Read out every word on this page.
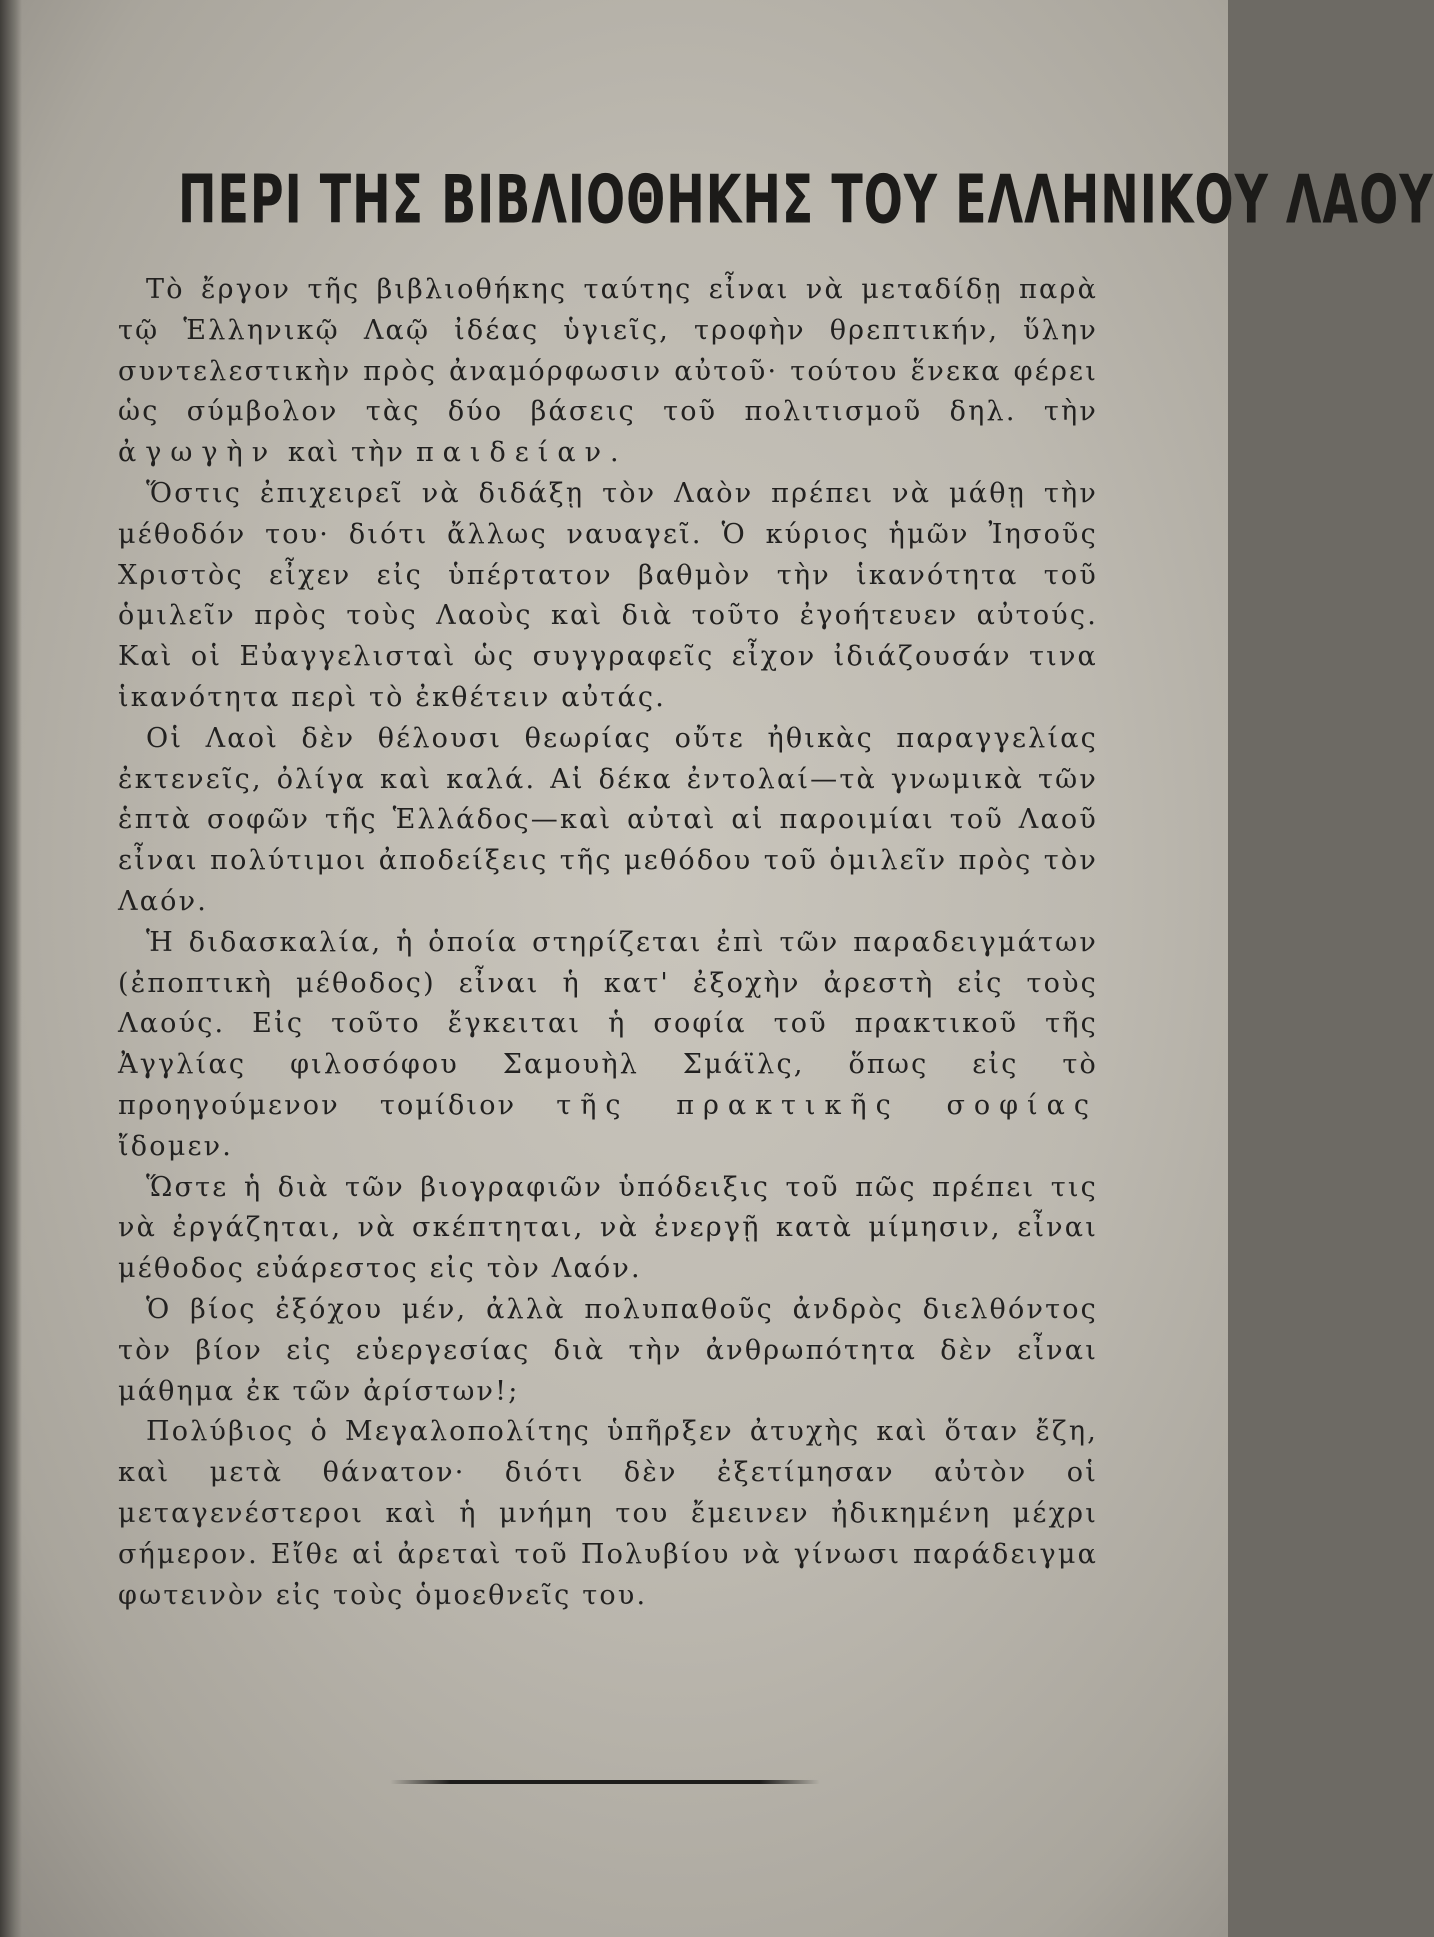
ΠΕΡΙ ΤΗΣ ΒΙΒΛΙΟΘΗΚΗΣ ΤΟΥ ΕΛΛΗΝΙΚΟΥ ΛΑΟΥ

Τὸ ἔργον τῆς βιβλιοθήκης ταύτης εἶναι νὰ μεταδίδῃ παρὰ τῷ Ἑλληνικῷ Λαῷ ἰδέας ὑγιεῖς, τροφὴν θρεπτικήν, ὕλην συντελεστικὴν πρὸς ἀναμόρφωσιν αὐτοῦ· τούτου ἕνεκα φέρει ὡς σύμβολον τὰς δύο βάσεις τοῦ πολιτισμοῦ δηλ. τὴν ἀγωγὴν καὶ τὴν παιδείαν.

Ὅστις ἐπιχειρεῖ νὰ διδάξῃ τὸν Λαὸν πρέπει νὰ μάθῃ τὴν μέθοδόν του· διότι ἄλλως ναυαγεῖ. Ὁ κύριος ἡμῶν Ἰησοῦς Χριστὸς εἶχεν εἰς ὑπέρτατον βαθμὸν τὴν ἱκανότητα τοῦ ὁμιλεῖν πρὸς τοὺς Λαοὺς καὶ διὰ τοῦτο ἐγοήτευεν αὐτούς. Καὶ οἱ Εὐαγγελισταὶ ὡς συγγραφεῖς εἶχον ἰδιάζουσάν τινα ἱκανότητα περὶ τὸ ἐκθέτειν αὐτάς.

Οἱ Λαοὶ δὲν θέλουσι θεωρίας οὔτε ἠθικὰς παραγγελίας ἐκτενεῖς, ὀλίγα καὶ καλά. Αἱ δέκα ἐντολαί—τὰ γνωμικὰ τῶν ἑπτὰ σοφῶν τῆς Ἑλλάδος—καὶ αὐταὶ αἱ παροιμίαι τοῦ Λαοῦ εἶναι πολύτιμοι ἀποδείξεις τῆς μεθόδου τοῦ ὁμιλεῖν πρὸς τὸν Λαόν.

Ἡ διδασκαλία, ἡ ὁποία στηρίζεται ἐπὶ τῶν παραδειγμάτων (ἐποπτικὴ μέθοδος) εἶναι ἡ κατ' ἐξοχὴν ἀρεστὴ εἰς τοὺς Λαούς. Εἰς τοῦτο ἔγκειται ἡ σοφία τοῦ πρακτικοῦ τῆς Ἀγγλίας φιλοσόφου Σαμουὴλ Σμάϊλς, ὅπως εἰς τὸ προηγούμενον τομίδιον τῆς πρακτικῆς σοφίας ἴδομεν.

Ὥστε ἡ διὰ τῶν βιογραφιῶν ὑπόδειξις τοῦ πῶς πρέπει τις νὰ ἐργάζηται, νὰ σκέπτηται, νὰ ἐνεργῇ κατὰ μίμησιν, εἶναι μέθοδος εὐάρεστος εἰς τὸν Λαόν.

Ὁ βίος ἐξόχου μέν, ἀλλὰ πολυπαθοῦς ἀνδρὸς διελθόντος τὸν βίον εἰς εὐεργεσίας διὰ τὴν ἀνθρωπότητα δὲν εἶναι μάθημα ἐκ τῶν ἀρίστων!;

Πολύβιος ὁ Μεγαλοπολίτης ὑπῆρξεν ἀτυχὴς καὶ ὅταν ἔζη, καὶ μετὰ θάνατον· διότι δὲν ἐξετίμησαν αὐτὸν οἱ μεταγενέστεροι καὶ ἡ μνήμη του ἔμεινεν ἠδικημένη μέχρι σήμερον. Εἴθε αἱ ἀρεταὶ τοῦ Πολυβίου νὰ γίνωσι παράδειγμα φωτεινὸν εἰς τοὺς ὁμοεθνεῖς του.
